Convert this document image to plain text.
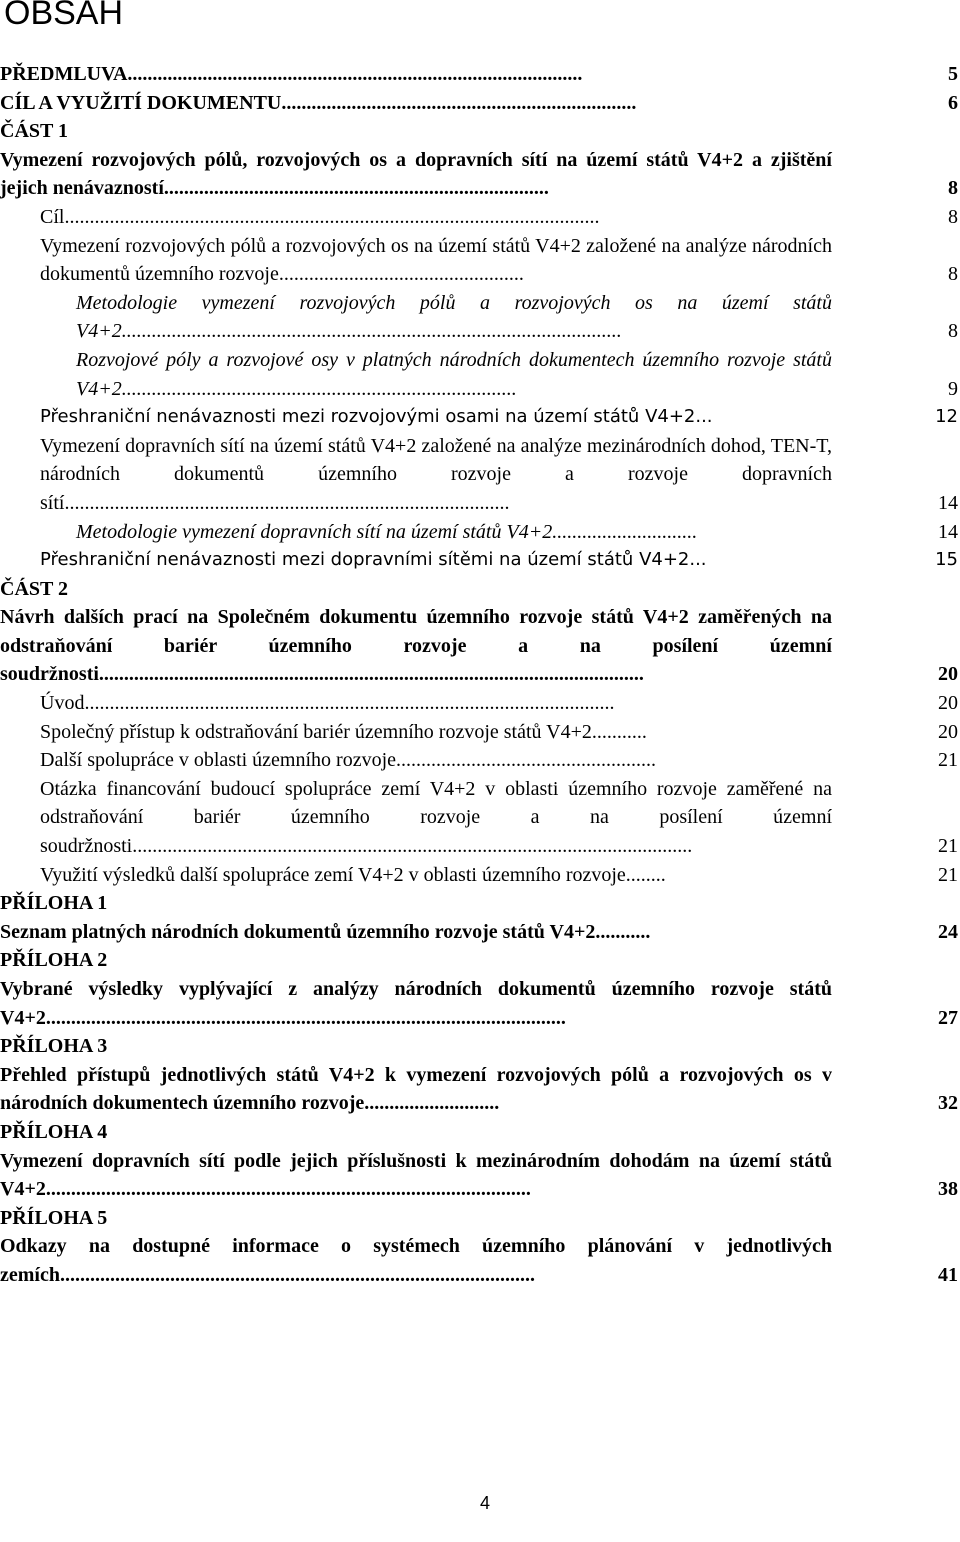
OBSAH
PŘEDMLUVA...........................................................................................	5
CÍL A VYUŽITÍ DOKUMENTU.......................................................................	6
ČÁST 1
Vymezení rozvojových pólů, rozvojových os a dopravních sítí na území států V4+2 a zjištění jejich nenávazností.............................................................................	8
Cíl...........................................................................................................	8
Vymezení rozvojových pólů a rozvojových os na území států V4+2 založené na analýze národních dokumentů územního rozvoje.................................................	8
Metodologie vymezení rozvojových pólů a rozvojových os na území států V4+2....................................................................................................	8
Rozvojové póly a rozvojové osy v platných národních dokumentech územního rozvoje států V4+2...............................................................................	9
Přeshraniční nenávaznosti mezi rozvojovými osami na území států V4+2...	12
Vymezení dopravních sítí na území států V4+2 založené na analýze mezinárodních dohod, TEN-T, národních dokumentů územního rozvoje a rozvoje dopravních sítí.........................................................................................	14
Metodologie vymezení dopravních sítí na území států V4+2.............................	14
Přeshraniční nenávaznosti mezi dopravními sítěmi na území států V4+2...	15
ČÁST 2
Návrh dalších prací na Společném dokumentu územního rozvoje států V4+2 zaměřených na odstraňování bariér územního rozvoje a na posílení územní soudržnosti.............................................................................................................	20
Úvod..........................................................................................................	20
Společný přístup k odstraňování bariér územního rozvoje států V4+2...........	20
Další spolupráce v oblasti územního rozvoje....................................................	21
Otázka financování budoucí spolupráce zemí V4+2 v oblasti územního rozvoje zaměřené na odstraňování bariér územního rozvoje a na posílení územní soudržnosti................................................................................................................	21
Využití výsledků další spolupráce zemí V4+2 v oblasti územního rozvoje........	21
PŘÍLOHA 1
Seznam platných národních dokumentů územního rozvoje států V4+2...........	24
PŘÍLOHA 2
Vybrané výsledky vyplývající z analýzy národních dokumentů územního rozvoje států V4+2........................................................................................................	27
PŘÍLOHA 3
Přehled přístupů jednotlivých států V4+2 k vymezení rozvojových pólů a rozvojových os v národních dokumentech územního rozvoje...........................	32
PŘÍLOHA 4
Vymezení dopravních sítí podle jejich příslušnosti k mezinárodním dohodám na území států V4+2.................................................................................................	38
PŘÍLOHA 5
Odkazy na dostupné informace o systémech územního plánování v jednotlivých zemích...............................................................................................	41
4
